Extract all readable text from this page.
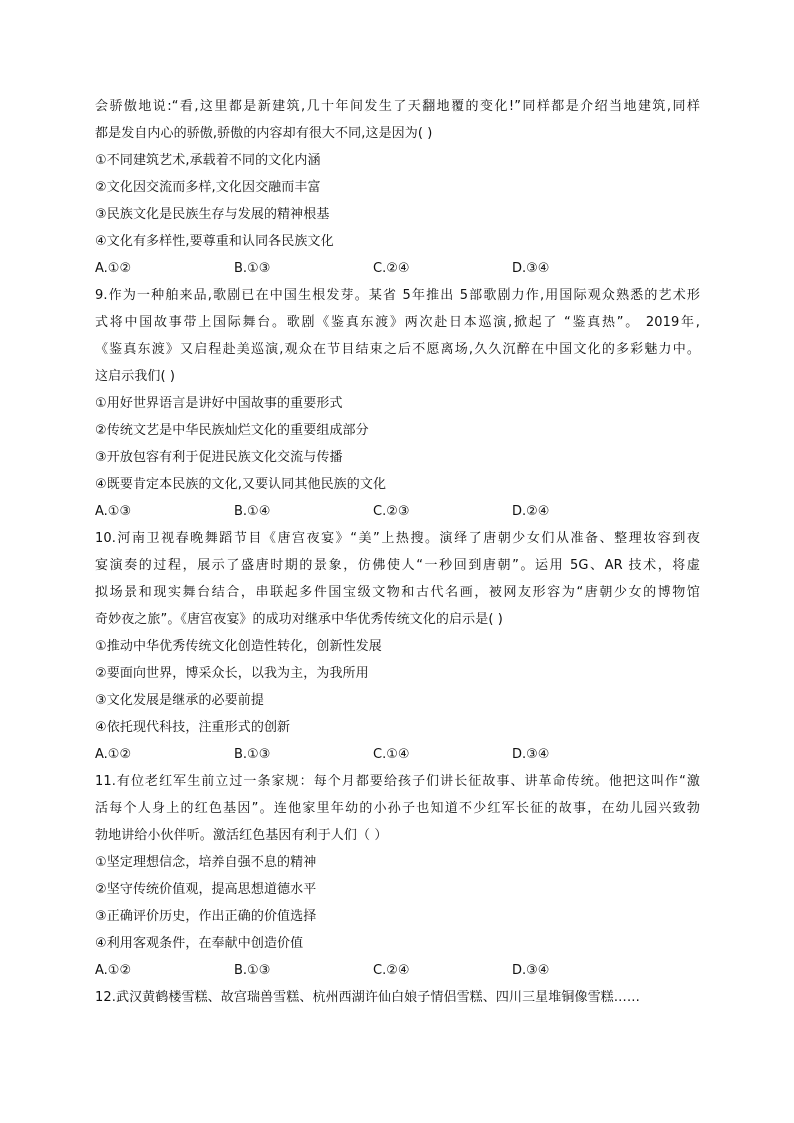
会骄傲地说:“看,这里都是新建筑,几十年间发生了天翻地覆的变化!”同样都是介绍当地建筑,同样
都是发自内心的骄傲,骄傲的内容却有很大不同,这是因为( )
①不同建筑艺术,承载着不同的文化内涵
②文化因交流而多样,文化因交融而丰富
③民族文化是民族生存与发展的精神根基
④文化有多样性,要尊重和认同各民族文化
A.①②	B.①③	C.②④	D.③④
9.作为一种舶来品,歌剧已在中国生根发芽。某省 5年推出 5部歌剧力作,用国际观众熟悉的艺术形
式将中国故事带上国际舞台。歌剧《鉴真东渡》两次赴日本巡演,掀起了 “鉴真热”。 2019年,
《鉴真东渡》又启程赴美巡演,观众在节目结束之后不愿离场,久久沉醉在中国文化的多彩魅力中。
这启示我们( )
①用好世界语言是讲好中国故事的重要形式
②传统文艺是中华民族灿烂文化的重要组成部分
③开放包容有利于促进民族文化交流与传播
④既要肯定本民族的文化,又要认同其他民族的文化
A.①③	B.①④	C.②③	D.②④
10.河南卫视春晚舞蹈节目《唐宫夜宴》“美”上热搜。演绎了唐朝少女们从准备、整理妆容到夜
宴演奏的过程，展示了盛唐时期的景象，仿佛使人“一秒回到唐朝”。运用 5G、AR 技术，将虚
拟场景和现实舞台结合，串联起多件国宝级文物和古代名画，被网友形容为“唐朝少女的博物馆
奇妙夜之旅”。《唐宫夜宴》的成功对继承中华优秀传统文化的启示是( )
①推动中华优秀传统文化创造性转化，创新性发展
②要面向世界，博采众长，以我为主，为我所用
③文化发展是继承的必要前提
④依托现代科技，注重形式的创新
A.①②	B.①③	C.①④	D.③④
11.有位老红军生前立过一条家规：每个月都要给孩子们讲长征故事、讲革命传统。他把这叫作“激
活每个人身上的红色基因”。连他家里年幼的小孙子也知道不少红军长征的故事，在幼儿园兴致勃
勃地讲给小伙伴听。激活红色基因有利于人们（ ）
①坚定理想信念，培养自强不息的精神
②坚守传统价值观，提高思想道德水平
③正确评价历史，作出正确的价值选择
④利用客观条件，在奉献中创造价值
A.①②	B.①③	C.②④	D.③④
12.武汉黄鹤楼雪糕、故宫瑞兽雪糕、杭州西湖许仙白娘子情侣雪糕、四川三星堆铜像雪糕……
